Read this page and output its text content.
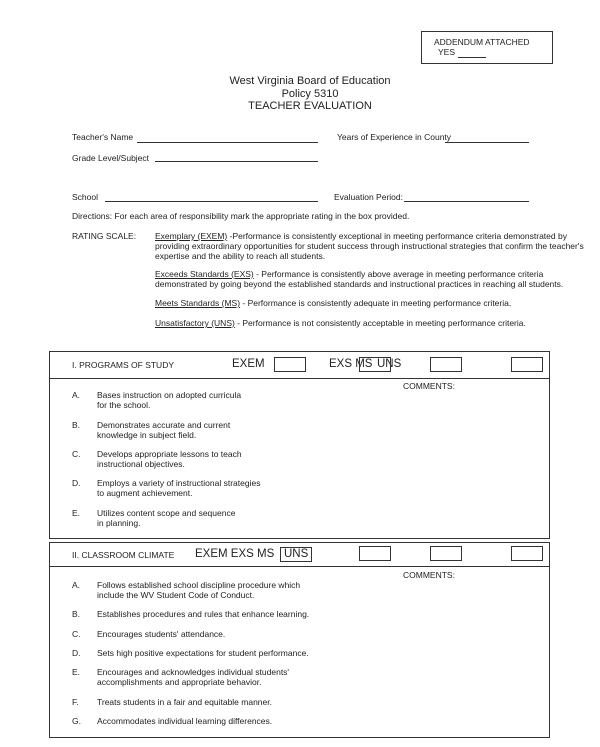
ADDENDUM ATTACHED
YES
West Virginia Board of Education
Policy 5310
TEACHER EVALUATION
Teacher's Name	Years of Experience in County
Grade Level/Subject
School	Evaluation Period:
Directions: For each area of responsibility mark the appropriate rating in the box provided.
RATING SCALE: Exemplary (EXEM) -Performance is consistently exceptional in meeting performance criteria demonstrated by
providing extraordinary opportunities for student success through instructional strategies that confirm the teacher's
expertise and the ability to reach all students.
Exceeds Standards (EXS) - Performance is consistently above average in meeting performance criteria
demonstrated by going beyond the established standards and instructional practices in reaching all students.
Meets Standards (MS) - Performance is consistently adequate in meeting performance criteria.
Unsatisfactory (UNS) - Performance is not consistently acceptable in meeting performance criteria.
I. PROGRAMS OF STUDY	EXEM	EXS MS UNS
COMMENTS:
A. Bases instruction on adopted curricula
for the school.
B. Demonstrates accurate and current
knowledge in subject field.
C. Develops appropriate lessons to teach
instructional objectives.
D. Employs a variety of instructional strategies
to augment achievement.
E. Utilizes content scope and sequence
in planning.
II. CLASSROOM CLIMATE EXEM EXS MS UNS
COMMENTS:
A. Follows established school discipline procedure which
include the WV Student Code of Conduct.
B. Establishes procedures and rules that enhance learning.
C. Encourages students' attendance.
D. Sets high positive expectations for student performance.
E. Encourages and acknowledges individual students'
accomplishments and appropriate behavior.
F. Treats students in a fair and equitable manner.
G. Accommodates individual learning differences.
